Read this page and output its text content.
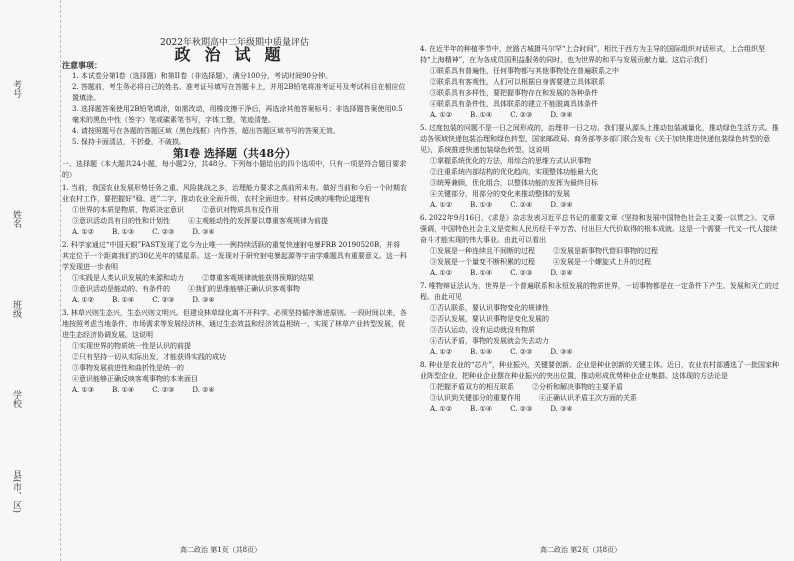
考号
姓名
班级
学校
县(市、区)

2022年秋期高中二年级期中质量评估

政治试题

注意事项：

1. 本试卷分第I卷（选择题）和第II卷（非选择题），满分100分，考试时间90分钟。

2. 答题前，考生务必将自己的姓名、准考证号填写在答题卡上，并用2B铅笔将准考证号及考试科目在相应位置填涂。

3. 选择题答案使用2B铅笔填涂，如需改动，用橡皮擦干净后，再选涂其他答案标号；非选择题答案使用0.5毫米的黑色中性（签字）笔或碳素笔书写，字体工整，笔迹清楚。

4. 请按照题号在各题的答题区域（黑色线框）内作答，超出答题区域书写的答案无效。

5. 保持卡面清洁，不折叠，不破损。

第I卷 选择题（共48分）

一、选择题（本大题共24小题，每小题2分，共48分。下列每小题给出的四个选项中，只有一项是符合题目要求的）

1. 当前，我国农业发展形势任务之重、风险挑战之多，治理能力要求之高前所未有。做好当前和今后一个时期农业农村工作，要把握好“稳、进”二字，推动农业全面升级，农村全面进步。材料反映的唯物论道理有

①世界的本质是物质，物质决定意识	②意识对物质具有反作用
③意识活动具有目的性和计划性	④主观能动性的发挥要以尊重客观规律为前提
A. ①②	B. ①③	C. ②③	D. ③④

2. 科学家通过“中国天眼”FAST发现了迄今为止唯一一例持续活跃的重复快速射电暴FRB 20190520B，并将其定位于一个距离我们约30亿光年的矮星系。这一发现对于研究射电暴起源等宇宙学难题具有重要意义。这一科学发现进一步表明

①实践是人类认识发展的来源和动力	②尊重客观规律就能获得预期的结果
③意识活动是能动的、有条件的	④我们的思维能够正确认识客观事物
A. ①②	B. ①④	C. ②③	D. ③④

3. 林草兴则生态兴，生态兴则文明兴。但建设林草绿化离不开科学、必须坚持循序渐进原则。一段时间以来，各地按照考虑当地条件、市场需求等发展经济林，通过生态效益和经济效益相统一，实现了林草产业转型发展，促进生态经济协调发展。这说明

①实现世界的物质统一性是认识的前提

②只有坚持一切从实际出发，才能获得实践的成功

③事物发展前进性和曲折性是统一的

④意识能够正确反映客观事物的本来面目

A. ①③	B. ①④	C. ②③	D. ②④

4. 在近半年的种植季节中，丝路古城摄马尔罕“上合时间”，相比于西方为主导的国际组织对话形式，上合组织坚持“上海精神”，在为各成员国利益服务的同时，也为世界的和平与发展贡献力量。这启示我们

①联系具有普遍性，任何事物都与其他事物处在普遍联系之中

②联系具有客观性，人们可以根据自身需要建立具体联系

③联系具有多样性，要把握事物存在和发展的各种条件

④联系具有条件性，具体联系的建立不能脱离具体条件

A. ①②	B. ①④	C. ②③	D. ③④

5. 过度包装的问题不是一日之间形成的，治理非一日之功。我们要从源头上推动包装减量化，推动绿色生活方式。推动各领域快递包装治理和绿色转型，国家邮政局、商务部等多部门联合发布《关于加快推进快递包装绿色转型的意见》，系统推进快递包装绿色转型。这说明

①掌握系统优化的方法，用综合的思维方式认识事物

②注重系统内部结构的优化趋向，实现整体功能最大化

③统筹兼顾，优化组合，以整体功能的发挥为最终目标

④关键部分，用部分的变化来推动整体的发展

A. ①②	B. ①③	C. ②④	D. ③④

6. 2022年9月16日，《求是》杂志发表习近平总书记的重要文章《坚持和发展中国特色社会主义要一以贯之》。文章强调，中国特色社会主义是党和人民历经千辛万苦、付出巨大代价取得的根本成就。这是一个需要一代又一代人接续奋斗才能实现的伟大事业。由此可以看出

①发展是一种连续且不间断的过程	②发展是新事物代替旧事物的过程
③发展是一个量变不断积累的过程	④发展是一个螺旋式上升的过程
A. ①②	B. ①④	C. ②③	D. ②④

7. 唯物辩证法认为，世界是一个普遍联系和永恒发展的物质世界，一切事物都是在一定条件下产生、发展和灭亡的过程。由此可见

①否认联系，要认识事物变化的规律性

②否认发展，要认识事物是变化发展的

③否认运动，没有运动就没有物质

④否认矛盾，事物的发展就会失去动力

A. ①②	B. ①④	C. ②③	D. ③④

8. 种业是农业的“芯片”，种业振兴，关键要创新。企业是种业创新的关键主体。近日，农业农村部遴选了一批国家种业阵型企业，把种业企业摆在种业振兴的突出位置，推动形成优势种业企业集群。这体现的方法论是

①把握矛盾双方的相互联系	②分析和解决事物的主要矛盾
③认识到关键部分的重要作用	④正确认识矛盾主次方面的关系
A. ①②	B. ①④	C. ②③	D. ③④
高二政治 第1页（共8页）	高二政治 第2页（共8页）
